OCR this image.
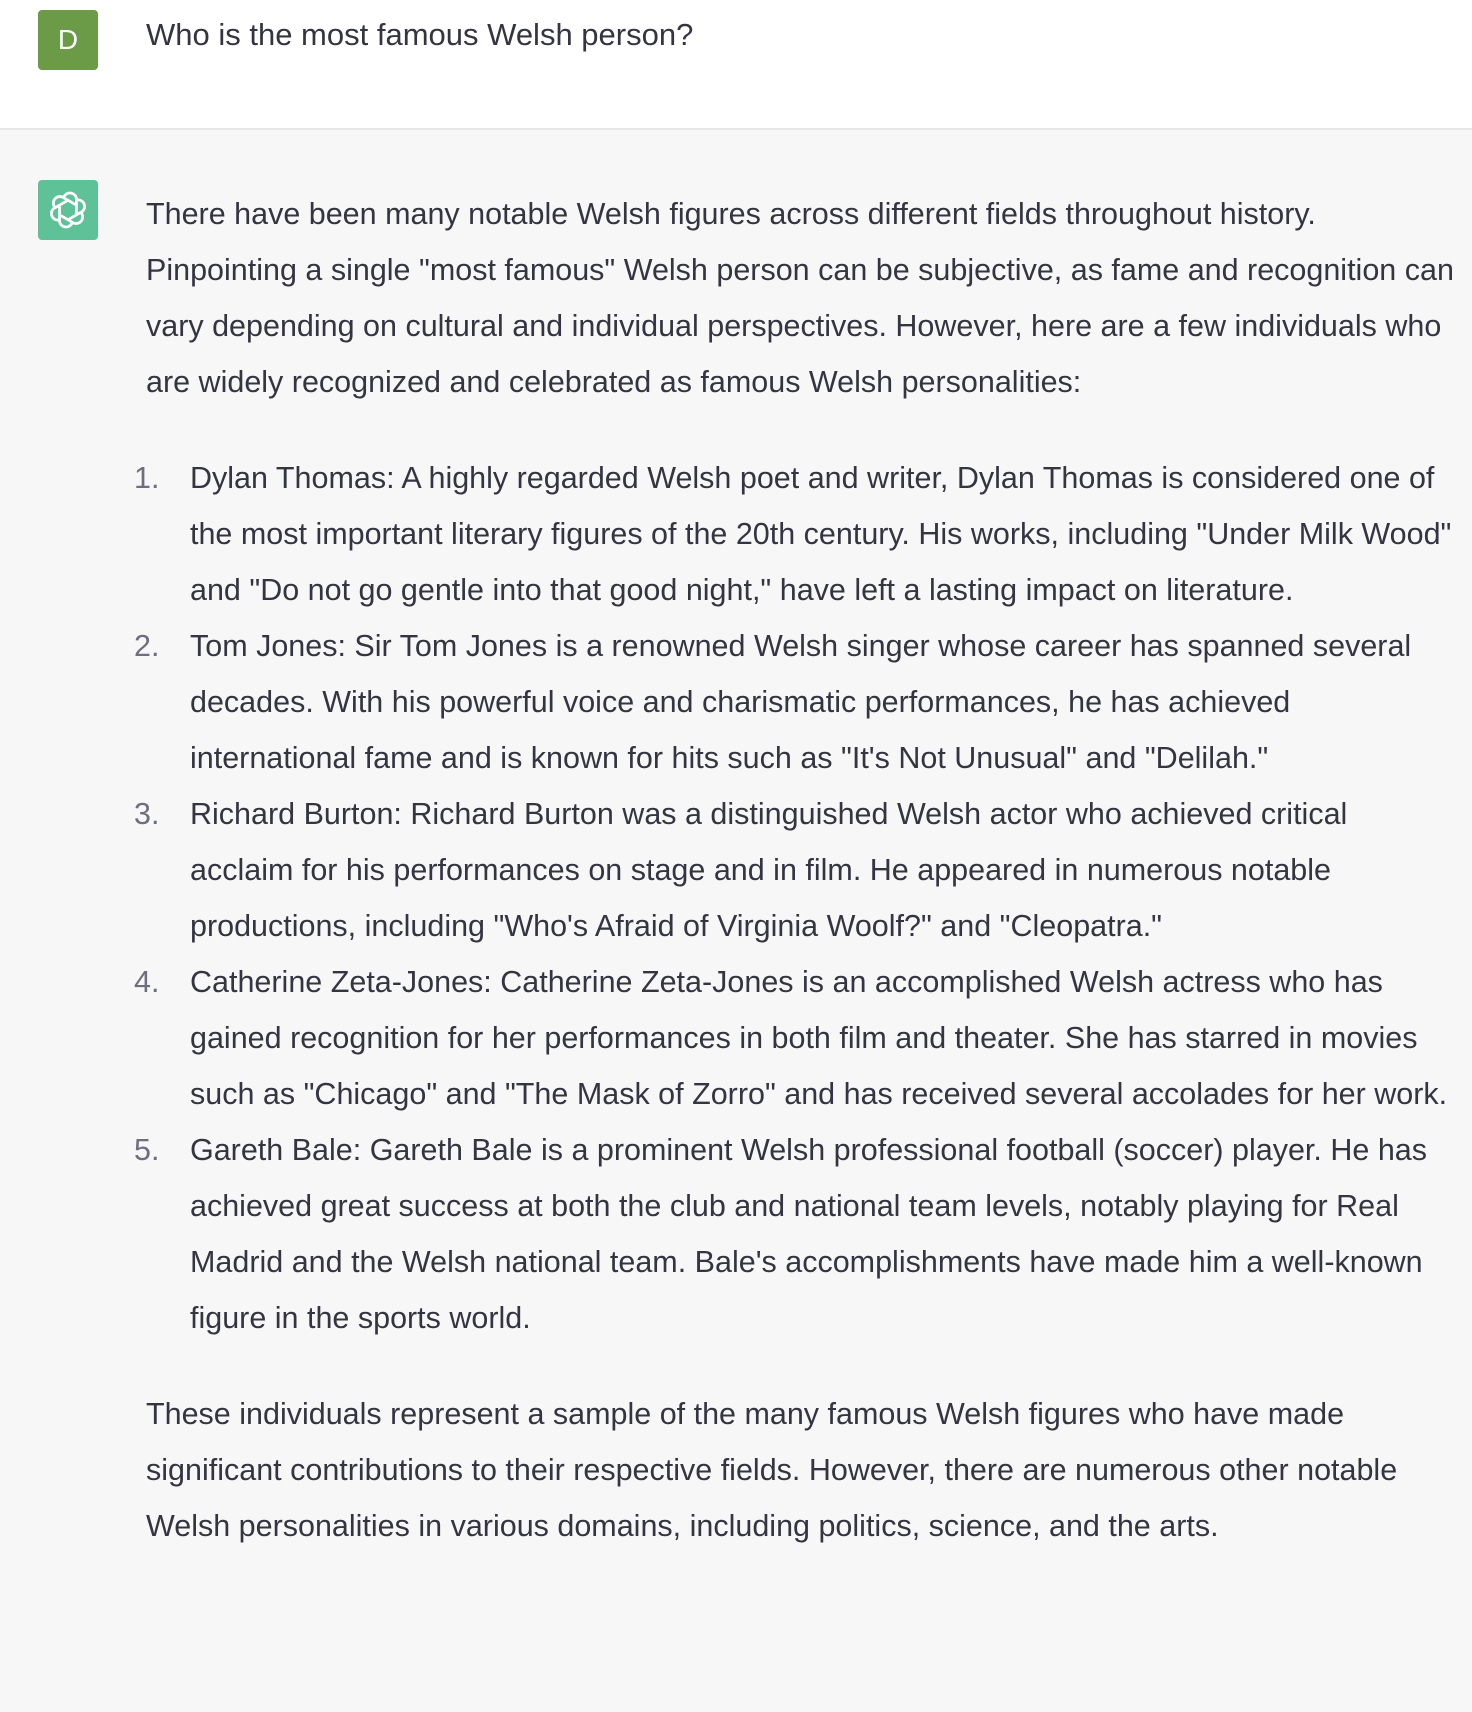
D	Who is the most famous Welsh person?

There have been many notable Welsh figures across different fields throughout history. Pinpointing a single "most famous" Welsh person can be subjective, as fame and recognition can vary depending on cultural and individual perspectives. However, here are a few individuals who are widely recognized and celebrated as famous Welsh personalities:

1. Dylan Thomas: A highly regarded Welsh poet and writer, Dylan Thomas is considered one of the most important literary figures of the 20th century. His works, including "Under Milk Wood" and "Do not go gentle into that good night," have left a lasting impact on literature.
2. Tom Jones: Sir Tom Jones is a renowned Welsh singer whose career has spanned several decades. With his powerful voice and charismatic performances, he has achieved international fame and is known for hits such as "It's Not Unusual" and "Delilah."
3. Richard Burton: Richard Burton was a distinguished Welsh actor who achieved critical acclaim for his performances on stage and in film. He appeared in numerous notable productions, including "Who's Afraid of Virginia Woolf?" and "Cleopatra."
4. Catherine Zeta-Jones: Catherine Zeta-Jones is an accomplished Welsh actress who has gained recognition for her performances in both film and theater. She has starred in movies such as "Chicago" and "The Mask of Zorro" and has received several accolades for her work.
5. Gareth Bale: Gareth Bale is a prominent Welsh professional football (soccer) player. He has achieved great success at both the club and national team levels, notably playing for Real Madrid and the Welsh national team. Bale's accomplishments have made him a well-known figure in the sports world.

These individuals represent a sample of the many famous Welsh figures who have made significant contributions to their respective fields. However, there are numerous other notable Welsh personalities in various domains, including politics, science, and the arts.
